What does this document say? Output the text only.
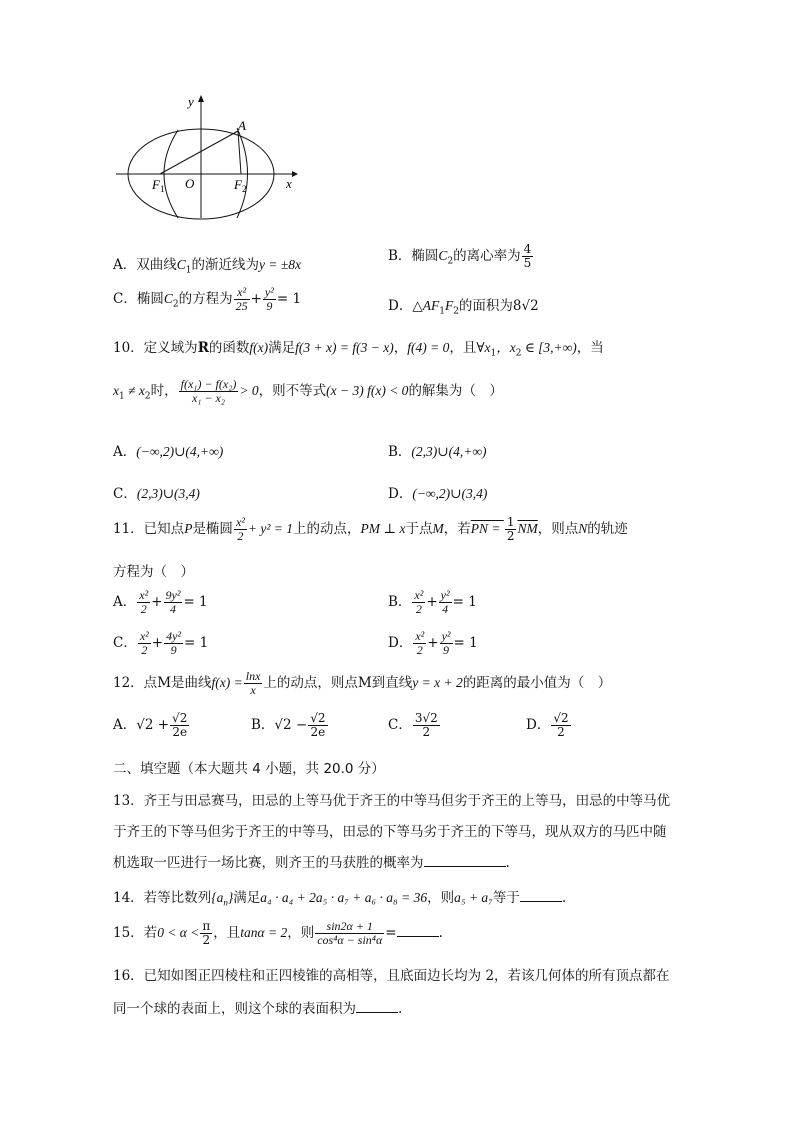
y
x
A
O
$F_1$	$F_2$
A．双曲线$C_1$的渐近线为y = ±8x
B．椭圆$C_2$的离心率为 $\frac{4}{5}$
C．椭圆$C_2$的方程为 $\frac{\text{x²}}{25} + \frac{\text{y²}}{9} = 1$	D．$\triangle AF_1F_2$的面积为8√2
10．定义域为R的函数f(x)满足f(3 + x) = f(3 − x)，f(4) = 0，且$\forall x_1$，$x_2$ ∈ [3,+∞)，当
$x_1 \ne x_2$时， $\frac{\text{f(x₁) − f(x₂)}}{\text{x₁ − x₂}} > 0$，则不等式(x − 3) f(x) < 0的解集为（　）
A．(−∞,2)∪(4,+∞)	B．(2,3)∪(4,+∞)
C．(2,3)∪(3,4)	D．(−∞,2)∪(3,4)
11．已知点P是椭圆 $\frac{\text{x²}}{2} + y^2 = 1$上的动点，PM ⊥ x于点M，若PN = $\frac{1}{2} \overline{NM}$，则点N的轨迹
方程为（　）
A． $\frac{\text{x²}}{2} + \frac{\text{9y²}}{4} = 1$	B． $\frac{\text{x²}}{2} + \frac{\text{y²}}{4} = 1$
C． $\frac{\text{x²}}{2} + \frac{\text{4y²}}{9} = 1$	D． $\frac{\text{x²}}{2} + \frac{\text{y²}}{9} = 1$
12．点M是曲线$f(x) = \frac{\ln x}{x}$ 上的动点，则点M到直线y = x + 2的距离的最小值为（　）
A．$√2 + \frac{√2}{2e}$	B．$√2 - \frac{√2}{2e}$	C． $\frac{3√2}{2}$	D． $\frac{√2}{2}$
二、填空题（本大题共 4 小题，共 20.0 分）
13．齐王与田忌赛马，田忌的上等马优于齐王的中等马但劣于齐王的上等马，田忌的中等马优
于齐王的下等马但劣于齐王的中等马，田忌的下等马劣于齐王的下等马，现从双方的马匹中随
机选取一匹进行一场比赛，则齐王的马获胜的概率为	.
14．若等比数列$\{a_n\}$满足a₄ · a₄ + 2a₅ · a₇ + a₆ · a₈ = 36，则a₅ + a₇等于	.
15．若$0 < \alpha < \frac{\pi}{2}$ ，且tanα = 2，则 $\frac{\sin 2\alpha + 1}{\text{cos⁴α − sin⁴α}}$ =	.
16．已知如图正四棱柱和正四棱锥的高相等，且底面边长均为 2，若该几何体的所有顶点都在
同一个球的表面上，则这个球的表面积为	.
